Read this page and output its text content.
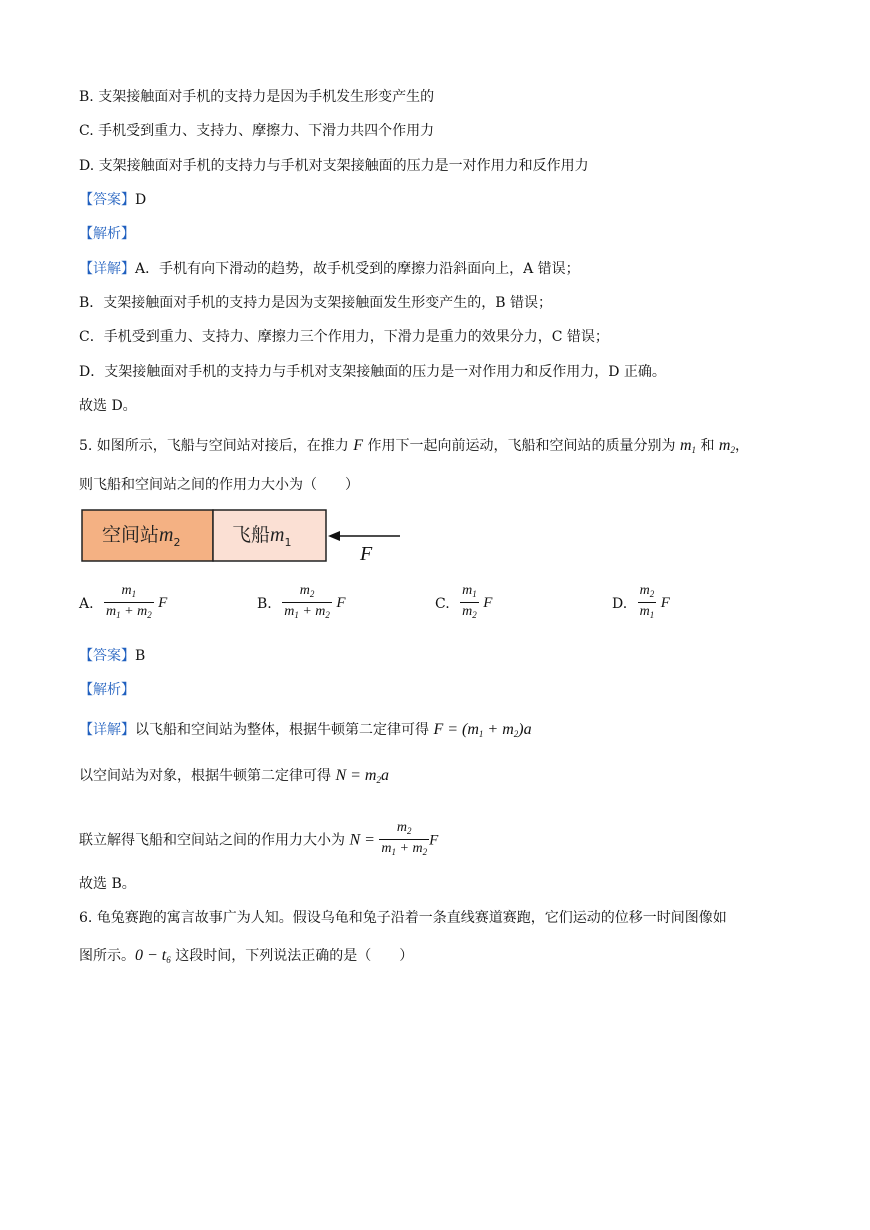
B. 支架接触面对手机的支持力是因为手机发生形变产生的
C. 手机受到重力、支持力、摩擦力、下滑力共四个作用力
D. 支架接触面对手机的支持力与手机对支架接触面的压力是一对作用力和反作用力
【答案】D
【解析】
【详解】A．手机有向下滑动的趋势，故手机受到的摩擦力沿斜面向上，A 错误；
B．支架接触面对手机的支持力是因为支架接触面发生形变产生的，B 错误；
C．手机受到重力、支持力、摩擦力三个作用力，下滑力是重力的效果分力，C 错误；
D．支架接触面对手机的支持力与手机对支架接触面的压力是一对作用力和反作用力，D 正确。
故选 D。
5. 如图所示，飞船与空间站对接后，在推力 F 作用下一起向前运动，飞船和空间站的质量分别为 $m_1$ 和 $m_2$，
则飞船和空间站之间的作用力大小为（　　）
空间站$m_2$	飞船$m_1$
F
A. $\frac{m_1}{m_1 + m_2}$ F	B. $\frac{m_2}{m_1 + m_2}$ F	C. $\frac{m_1}{m_2}$ F	D. $\frac{m_2}{m_1}$ F
【答案】B
【解析】
【详解】以飞船和空间站为整体，根据牛顿第二定律可得 $F = (m_1 + m_2)a$
以空间站为对象，根据牛顿第二定律可得 $N = m_2a$
联立解得飞船和空间站之间的作用力大小为 $N = \frac{m_2}{m_1 + m_2}$ F
故选 B。
6. 龟兔赛跑的寓言故事广为人知。假设乌龟和兔子沿着一条直线赛道赛跑，它们运动的位移一时间图像如
图所示。$0 - t_6$ 这段时间，下列说法正确的是（　　）
